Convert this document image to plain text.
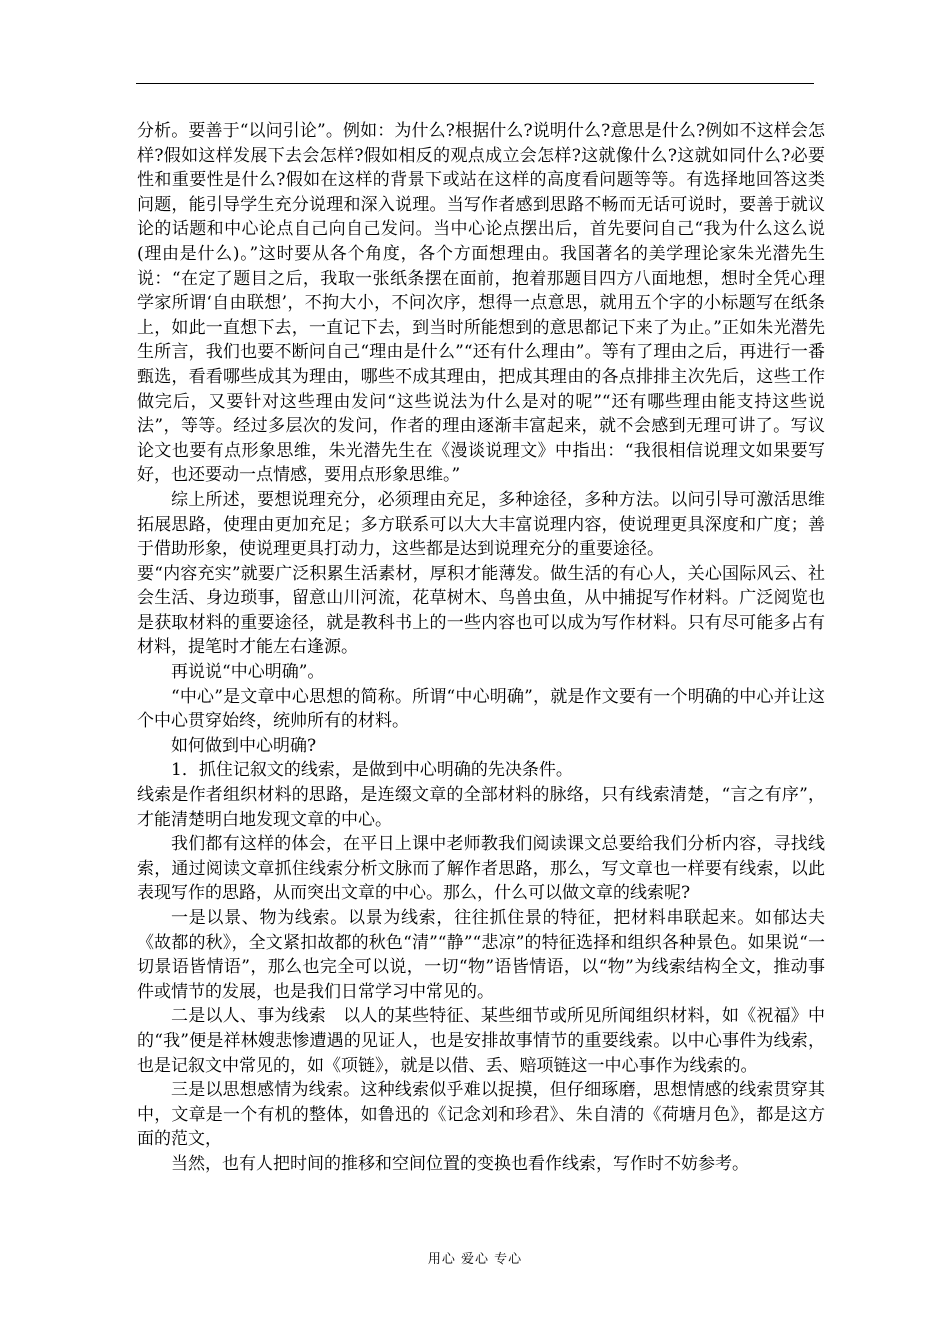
分析。要善于“以问引论”。例如：为什么?根据什么?说明什么?意思是什么?例如不这样会怎样?假如这样发展下去会怎样?假如相反的观点成立会怎样?这就像什么?这就如同什么?必要性和重要性是什么?假如在这样的背景下或站在这样的高度看问题等等。有选择地回答这类问题，能引导学生充分说理和深入说理。当写作者感到思路不畅而无话可说时，要善于就议论的话题和中心论点自己向自己发问。当中心论点摆出后，首先要问自己“我为什么这么说(理由是什么)。”这时要从各个角度，各个方面想理由。我国著名的美学理论家朱光潜先生说：“在定了题目之后，我取一张纸条摆在面前，抱着那题目四方八面地想，想时全凭心理学家所谓‘自由联想’，不拘大小，不问次序，想得一点意思，就用五个字的小标题写在纸条上，如此一直想下去，一直记下去，到当时所能想到的意思都记下来了为止。”正如朱光潜先生所言，我们也要不断问自己“理由是什么”“还有什么理由”。等有了理由之后，再进行一番甄选，看看哪些成其为理由，哪些不成其理由，把成其理由的各点排排主次先后，这些工作做完后，又要针对这些理由发问“这些说法为什么是对的呢”“还有哪些理由能支持这些说法”，等等。经过多层次的发问，作者的理由逐渐丰富起来，就不会感到无理可讲了。写议论文也要有点形象思维，朱光潜先生在《漫谈说理文》中指出：“我很相信说理文如果要写好，也还要动一点情感，要用点形象思维。”

综上所述，要想说理充分，必须理由充足，多种途径，多种方法。以问引导可激活思维拓展思路，使理由更加充足；多方联系可以大大丰富说理内容，使说理更具深度和广度；善于借助形象，使说理更具打动力，这些都是达到说理充分的重要途径。

要“内容充实”就要广泛积累生活素材，厚积才能薄发。做生活的有心人，关心国际风云、社会生活、身边琐事，留意山川河流，花草树木、鸟兽虫鱼，从中捕捉写作材料。广泛阅览也是获取材料的重要途径，就是教科书上的一些内容也可以成为写作材料。只有尽可能多占有材料，提笔时才能左右逢源。

再说说“中心明确”。

“中心”是文章中心思想的简称。所谓“中心明确”，就是作文要有一个明确的中心并让这个中心贯穿始终，统帅所有的材料。

如何做到中心明确?

1．抓住记叙文的线索，是做到中心明确的先决条件。

线索是作者组织材料的思路，是连缀文章的全部材料的脉络，只有线索清楚，“言之有序”，才能清楚明白地发现文章的中心。

我们都有这样的体会，在平日上课中老师教我们阅读课文总要给我们分析内容，寻找线索，通过阅读文章抓住线索分析文脉而了解作者思路，那么，写文章也一样要有线索，以此表现写作的思路，从而突出文章的中心。那么，什么可以做文章的线索呢?

一是以景、物为线索。以景为线索，往往抓住景的特征，把材料串联起来。如郁达夫《故都的秋》，全文紧扣故都的秋色“清”“静”“悲凉”的特征选择和组织各种景色。如果说“一切景语皆情语”，那么也完全可以说，一切“物”语皆情语，以“物”为线索结构全文，推动事件或情节的发展，也是我们日常学习中常见的。

二是以人、事为线索　以人的某些特征、某些细节或所见所闻组织材料，如《祝福》中的“我”便是祥林嫂悲惨遭遇的见证人，也是安排故事情节的重要线索。以中心事件为线索，也是记叙文中常见的，如《项链》，就是以借、丢、赔项链这一中心事作为线索的。

三是以思想感情为线索。这种线索似乎难以捉摸，但仔细琢磨，思想情感的线索贯穿其中，文章是一个有机的整体，如鲁迅的《记念刘和珍君》、朱自清的《荷塘月色》，都是这方面的范文，

当然，也有人把时间的推移和空间位置的变换也看作线索，写作时不妨参考。

用心 爱心 专心
